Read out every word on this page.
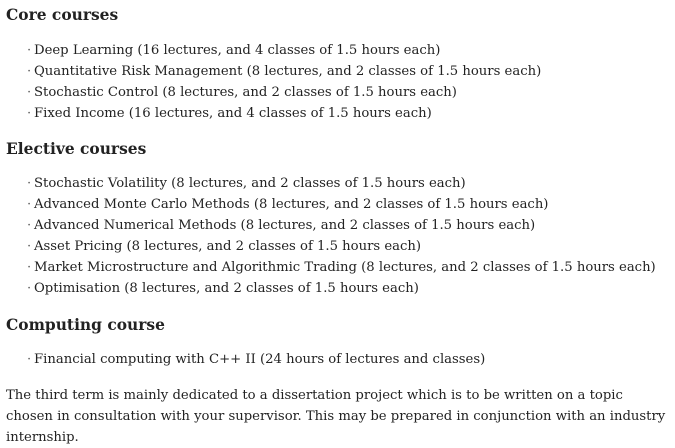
Core courses
· Deep Learning (16 lectures, and 4 classes of 1.5 hours each)
· Quantitative Risk Management (8 lectures, and 2 classes of 1.5 hours each)
· Stochastic Control (8 lectures, and 2 classes of 1.5 hours each)
· Fixed Income (16 lectures, and 4 classes of 1.5 hours each)
Elective courses
· Stochastic Volatility (8 lectures, and 2 classes of 1.5 hours each)
· Advanced Monte Carlo Methods (8 lectures, and 2 classes of 1.5 hours each)
· Advanced Numerical Methods (8 lectures, and 2 classes of 1.5 hours each)
· Asset Pricing (8 lectures, and 2 classes of 1.5 hours each)
· Market Microstructure and Algorithmic Trading (8 lectures, and 2 classes of 1.5 hours each)
· Optimisation (8 lectures, and 2 classes of 1.5 hours each)
Computing course
· Financial computing with C++ II (24 hours of lectures and classes)

The third term is mainly dedicated to a dissertation project which is to be written on a topic chosen in consultation with your supervisor. This may be prepared in conjunction with an industry internship.
